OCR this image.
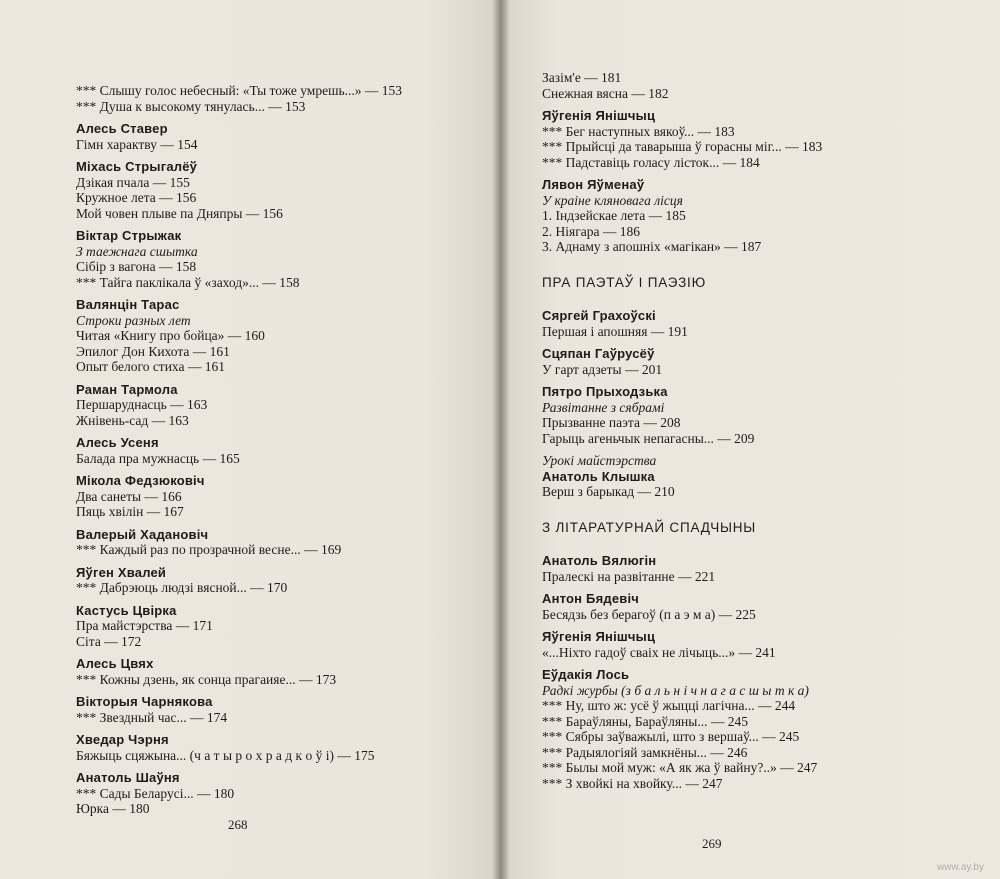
*** Слышу голос небесный: «Ты тоже умрешь...» — 153
*** Душа к высокому тянулась... — 153
Алесь Ставер
Гімн характву — 154
Міхась Стрыгалёў
Дзікая пчала — 155
Кружное лета — 156
Мой човен плыве па Дняпры — 156
Віктар Стрыжак
З таежнага сшытка
Сібір з вагона — 158
*** Тайга паклікала ў «заход»... — 158
Валянцін Тарас
Строки разных лет
Читая «Книгу про бойца» — 160
Эпилог Дон Кихота — 161
Опыт белого стиха — 161
Раман Тармола
Першаруднасць — 163
Жнівень-сад — 163
Алесь Усеня
Балада пра мужнасць — 165
Мікола Федзюковіч
Два санеты — 166
Пяць хвілін — 167
Валерый Хадановіч
*** Каждый раз по прозрачной весне... — 169
Яўген Хвалей
*** Дабрэюць людзі вясной... — 170
Кастусь Цвірка
Пра майстэрства — 171
Сіта — 172
Алесь Цвях
*** Кожны дзень, як сонца прагаияе... — 173
Вікторыя Чарнякова
*** Звездный час... — 174
Хведар Чэрня
Бяжыць сцяжына... (ч а т ы р о х р а д к о ў і) — 175
Анатоль Шаўня
*** Сады Беларусі... — 180
Юрка — 180
268
Зазім'е — 181
Снежная вясна — 182
Яўгенія Янішчыц
*** Бег наступных вякоў... — 183
*** Прыйсці да таварыша ў горасны міг... — 183
*** Падставіць голасу лісток... — 184
Лявон Яўменаў
У краіне кляновага лісця
1. Індзейскае лета — 185
2. Ніягара — 186
3. Аднаму з апошніх «магікан» — 187
ПРА ПАЭТАЎ І ПАЭЗІЮ
Сяргей Грахоўскі
Першая і апошняя — 191
Сцяпан Гаўрусёў
У гарт адзеты — 201
Пятро Прыходзька
Развітанне з сябрамі
Прызванне паэта — 208
Гарыць агеньчык непагасны... — 209
Урокі майстэрства
Анатоль Клышка
Верш з барыкад — 210
З ЛІТАРАТУРНАЙ СПАДЧЫНЫ
Анатоль Вялюгін
Пралескі на развітанне — 221
Антон Бядевіч
Бесядзь без берагоў (п а э м а) — 225
Яўгенія Янішчыц
«...Ніхто гадоў сваіх не лічыць...» — 241
Еўдакія Лось
Радкі журбы (з б а л ь н і ч н а г а с ш ы т к а)
*** Ну, што ж: усё ў жыцці лагічна... — 244
*** Бараўляны, Бараўляны... — 245
*** Сябры заўважылі, што з вершаў... — 245
*** Радыялогіяй замкнёны... — 246
*** Былы мой муж: «А як жа ў вайну?..» — 247
*** З хвойкі на хвойку... — 247
269
www.ay.by
